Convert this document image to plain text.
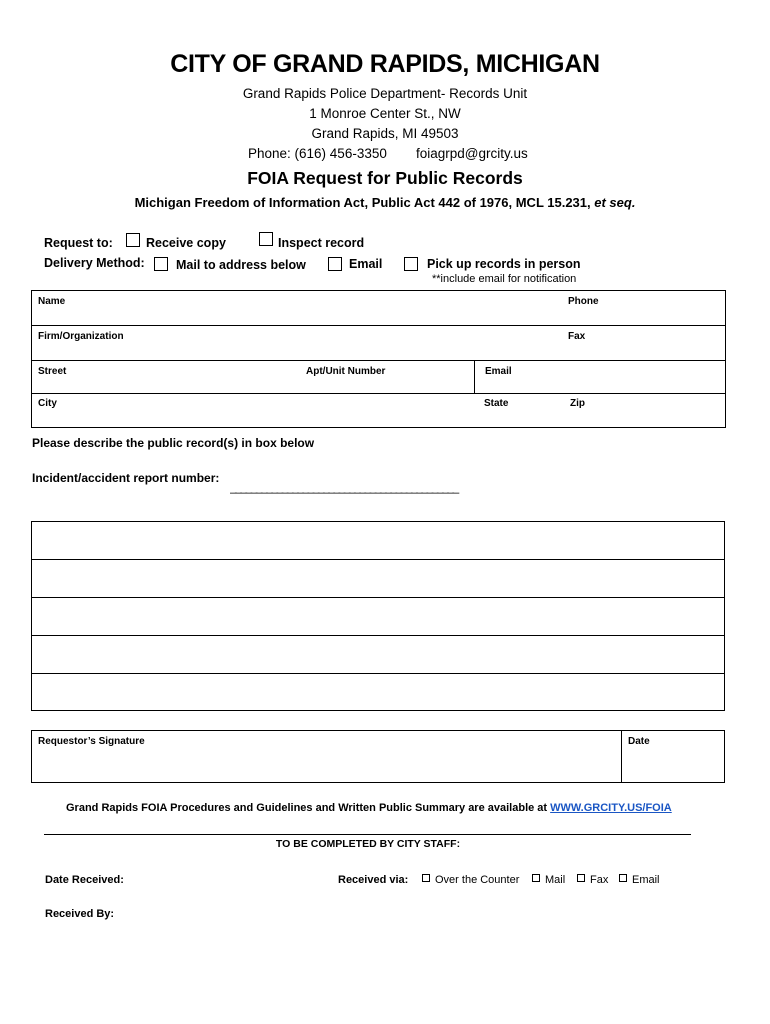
CITY OF GRAND RAPIDS, MICHIGAN
Grand Rapids Police Department- Records Unit
1 Monroe Center St., NW
Grand Rapids, MI 49503
Phone: (616) 456-3350 foiagrpd@grcity.us
FOIA Request for Public Records
Michigan Freedom of Information Act, Public Act 442 of 1976, MCL 15.231, et seq.
Request to:	Receive copy	Inspect record
Delivery Method:	Mail to address below	Email	Pick up records in person
**include email for notification
Name	Phone
Firm/Organization	Fax
Street	Apt/Unit Number	Email
City	State	Zip
Please describe the public record(s) in box below
Incident/accident report number:
____________________________________________
Requestor’s Signature	Date
Grand Rapids FOIA Procedures and Guidelines and Written Public Summary are available at WWW.GRCITY.US/FOIA
TO BE COMPLETED BY CITY STAFF:
Date Received:	Received via:	Over the Counter	Mail	Fax	Email
Received By:
